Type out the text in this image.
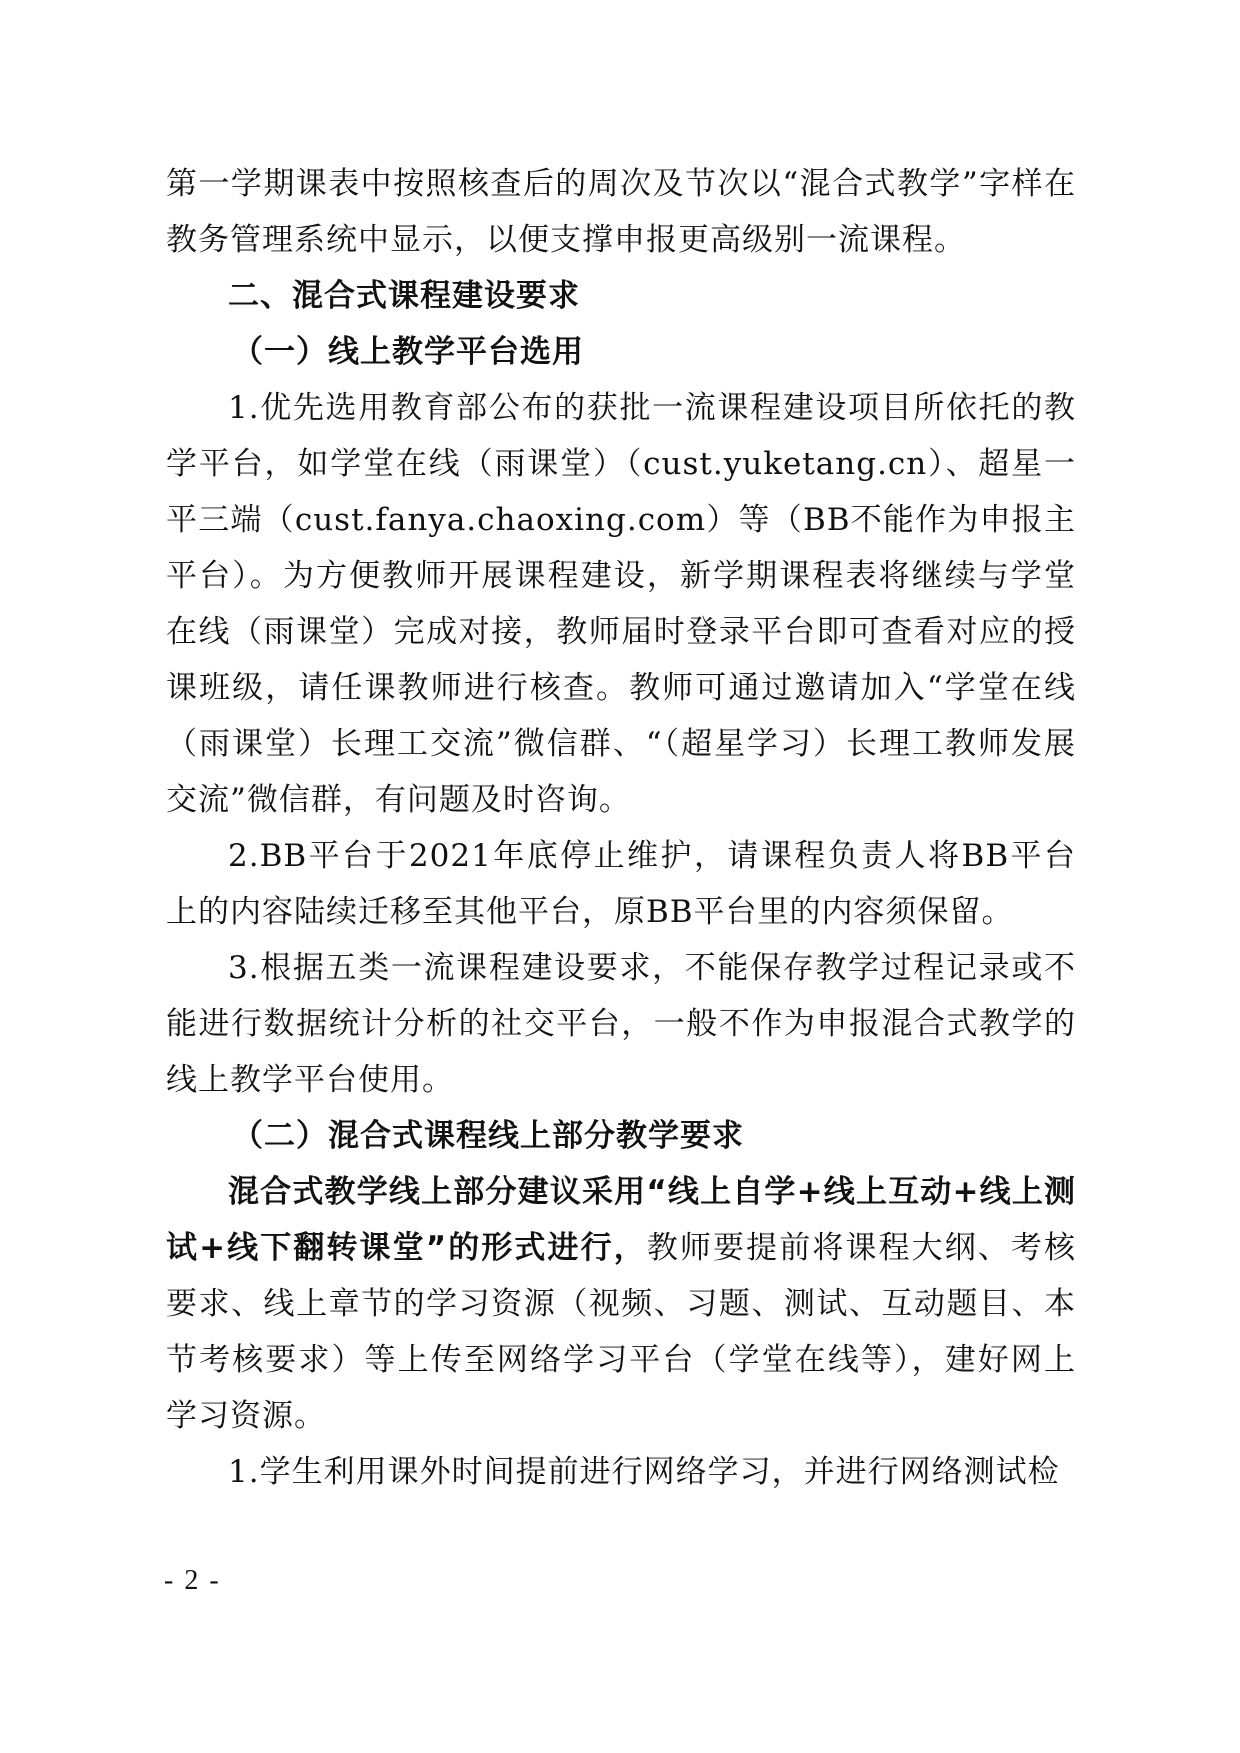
第一学期课表中按照核查后的周次及节次以“混合式教学”字样在教务管理系统中显示，以便支撑申报更高级别一流课程。

二、混合式课程建设要求

（一）线上教学平台选用

1.优先选用教育部公布的获批一流课程建设项目所依托的教学平台，如学堂在线（雨课堂）（cust.yuketang.cn）、超星一平三端（cust.fanya.chaoxing.com）等（BB不能作为申报主平台）。为方便教师开展课程建设，新学期课程表将继续与学堂在线（雨课堂）完成对接，教师届时登录平台即可查看对应的授课班级，请任课教师进行核查。教师可通过邀请加入“学堂在线（雨课堂）长理工交流”微信群、“（超星学习）长理工教师发展交流”微信群，有问题及时咨询。

2.BB平台于2021年底停止维护，请课程负责人将BB平台上的内容陆续迁移至其他平台，原BB平台里的内容须保留。

3.根据五类一流课程建设要求，不能保存教学过程记录或不能进行数据统计分析的社交平台，一般不作为申报混合式教学的线上教学平台使用。

（二）混合式课程线上部分教学要求

混合式教学线上部分建议采用“线上自学+线上互动+线上测试+线下翻转课堂”的形式进行，教师要提前将课程大纲、考核要求、线上章节的学习资源（视频、习题、测试、互动题目、本节考核要求）等上传至网络学习平台（学堂在线等），建好网上学习资源。

1.学生利用课外时间提前进行网络学习，并进行网络测试检

- 2 -
